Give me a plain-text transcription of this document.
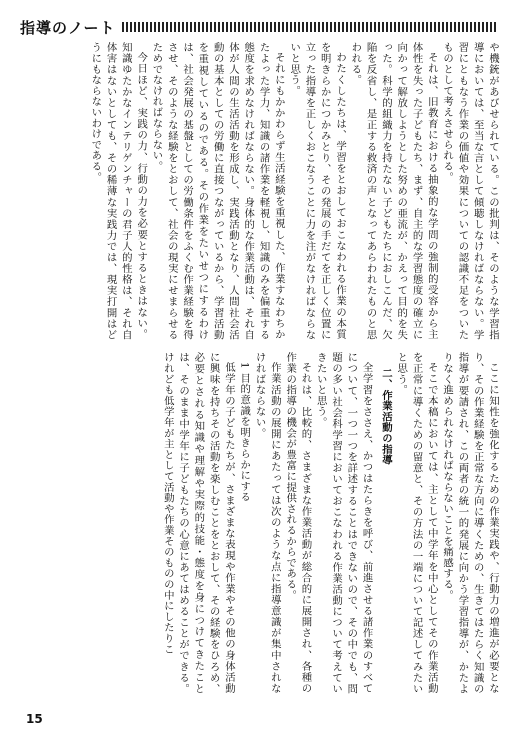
指導のノート

や機銃があびせられている。この批判は、そのような学習指導においては、至当な言として傾聴しなければならない。学習にともなう作業の価値や効果についての認識不足をついたものとして考えさせられる。

それは、旧教育における抽象的な学問の強制的受容から主体性を失った子どもたち、まず、自主的な学習態度の確立に向かって解放しようとした努めの亜流が、かえって目的を失った。科学的組織力を持たない子どもたちにおしこんだ、欠陥を反省し、是正する救済の声となってあらわれたものと思われる。

わたくしたちは、学習をとおしておこなわれる作業の本質を明きらかにつかみとり、その発展の手だてを正しく位置に立った指導を正しくおこなうことに力を注がなければならないと思う。

それにもかかわらず生活経験を重視した、作業すなわちかたよった学力、知識の諸作業を軽視し、知識のみを偏重する態度を求めなければならない。身体的な作業活動は、それ自体が人間の生活活動を形成し、実践活動となり、人間社会活動の基本としての労働に直接つながっているから、学習活動を重視しているのである。その作業をたいせつにするわけは、社会発展の基盤としての労働条件をふくむ作業経験を得させ、そのような経験をとおして、社会の現実にせまらせるためでなければならない。

今日ほど、実践の力、行動の力を必要とするときはない。知識ゆたかなインテリゲンチャーの君子人的性格は、それ自体害はないとしても、その稀薄な実践力では、現実打開はどうにもならないわけである。

ここに知性を強化するための作業実践や、行動力の増進が必要となり、その作業経験を正常な方向に導くための、生きてはたらく知識の指導が要請され、この両者の統一的発展に向かう学習指導が、かたよりなく進められなければならないことを痛感する。

そこで本稿においては、主として中学年を中心としてその作業活動を正常に導くための留意と、その方法の一端について記述してみたいと思う。

二、作業活動の指導

全学習をささえ、かつはたらきを呼び、前進させる諸作業のすべてについて、一つ一つを詳述することはできないので、その中でも、問題の多い社会科学習においておこなわれる作業活動について考えていきたいと思う。

それは、比較的、さまざまな作業活動が総合的に展開され、各種の作業の指導の機会が豊富に提供されるからである。

作業活動の展開にあたっては次のような点に指導意識が集中されなければならない。

1 目的意識を明きらかにする

低学年の子どもたちが、さまざまな表現や作業やその他の身体活動に興味を持ちその活動を楽しむことをとおして、その経験をひろめ、必要とされる知識や理解や実際的技能・態度を身につけてきたことは、そのまま中学年に子どもたちの心意にあてはめることができる。けれども低学年が主として活動や作業そのものの中にしたりこ

15
